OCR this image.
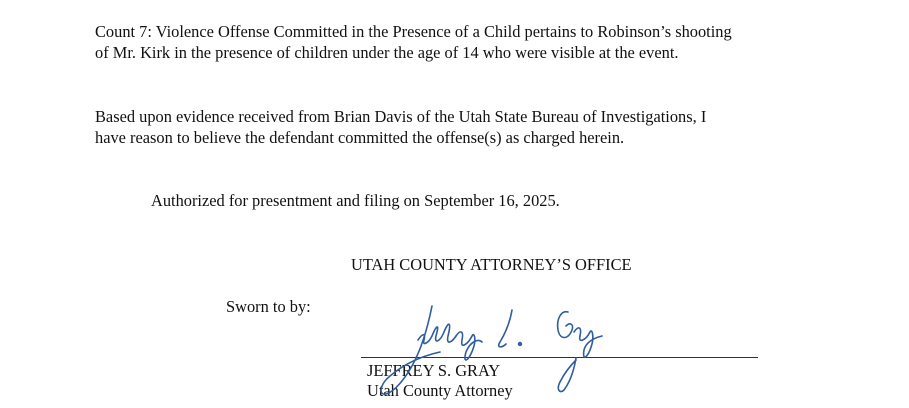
Count 7: Violence Offense Committed in the Presence of a Child pertains to Robinson’s shooting
of Mr. Kirk in the presence of children under the age of 14 who were visible at the event.

Based upon evidence received from Brian Davis of the Utah State Bureau of Investigations, I
have reason to believe the defendant committed the offense(s) as charged herein.

Authorized for presentment and filing on September 16, 2025.
UTAH COUNTY ATTORNEY’S OFFICE
Sworn to by:
JEFFREY S. GRAY
Utah County Attorney
